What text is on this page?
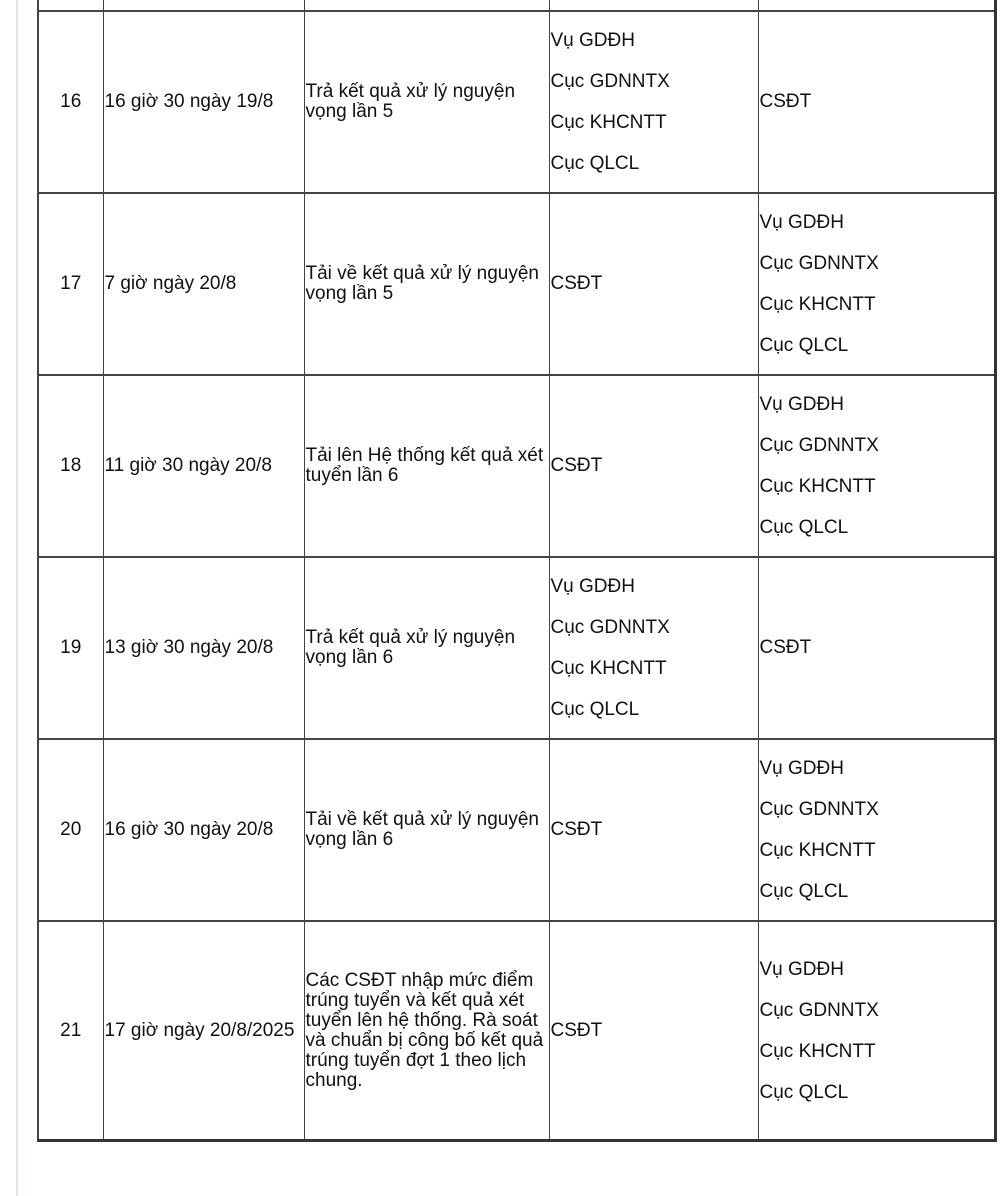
16	16 giờ 30 ngày 19/8	Trả kết quả xử lý nguyện vọng lần 5	Vụ GDĐH
Cục GDNNTX
Cục KHCNTT
Cục QLCL	CSĐT
17	7 giờ ngày 20/8	Tải về kết quả xử lý nguyện vọng lần 5	CSĐT	Vụ GDĐH
Cục GDNNTX
Cục KHCNTT
Cục QLCL

18	11 giờ 30 ngày 20/8	Tải lên Hệ thống kết quả xét tuyển lần 6	CSĐT	Vụ GDĐH
Cục GDNNTX
Cục KHCNTT
Cục QLCL

19	13 giờ 30 ngày 20/8	Trả kết quả xử lý nguyện vọng lần 6	Vụ GDĐH
Cục GDNNTX
Cục KHCNTT
Cục QLCL	CSĐT
20	16 giờ 30 ngày 20/8	Tải về kết quả xử lý nguyện vọng lần 6	CSĐT	Vụ GDĐH
Cục GDNNTX
Cục KHCNTT
Cục QLCL

21	17 giờ ngày 20/8/2025	Các CSĐT nhập mức điểm trúng tuyển và kết quả xét tuyển lên hệ thống. Rà soát và chuẩn bị công bố kết quả trúng tuyển đợt 1 theo lịch chung.	CSĐT	Vụ GDĐH
Cục GDNNTX
Cục KHCNTT
Cục QLCL
